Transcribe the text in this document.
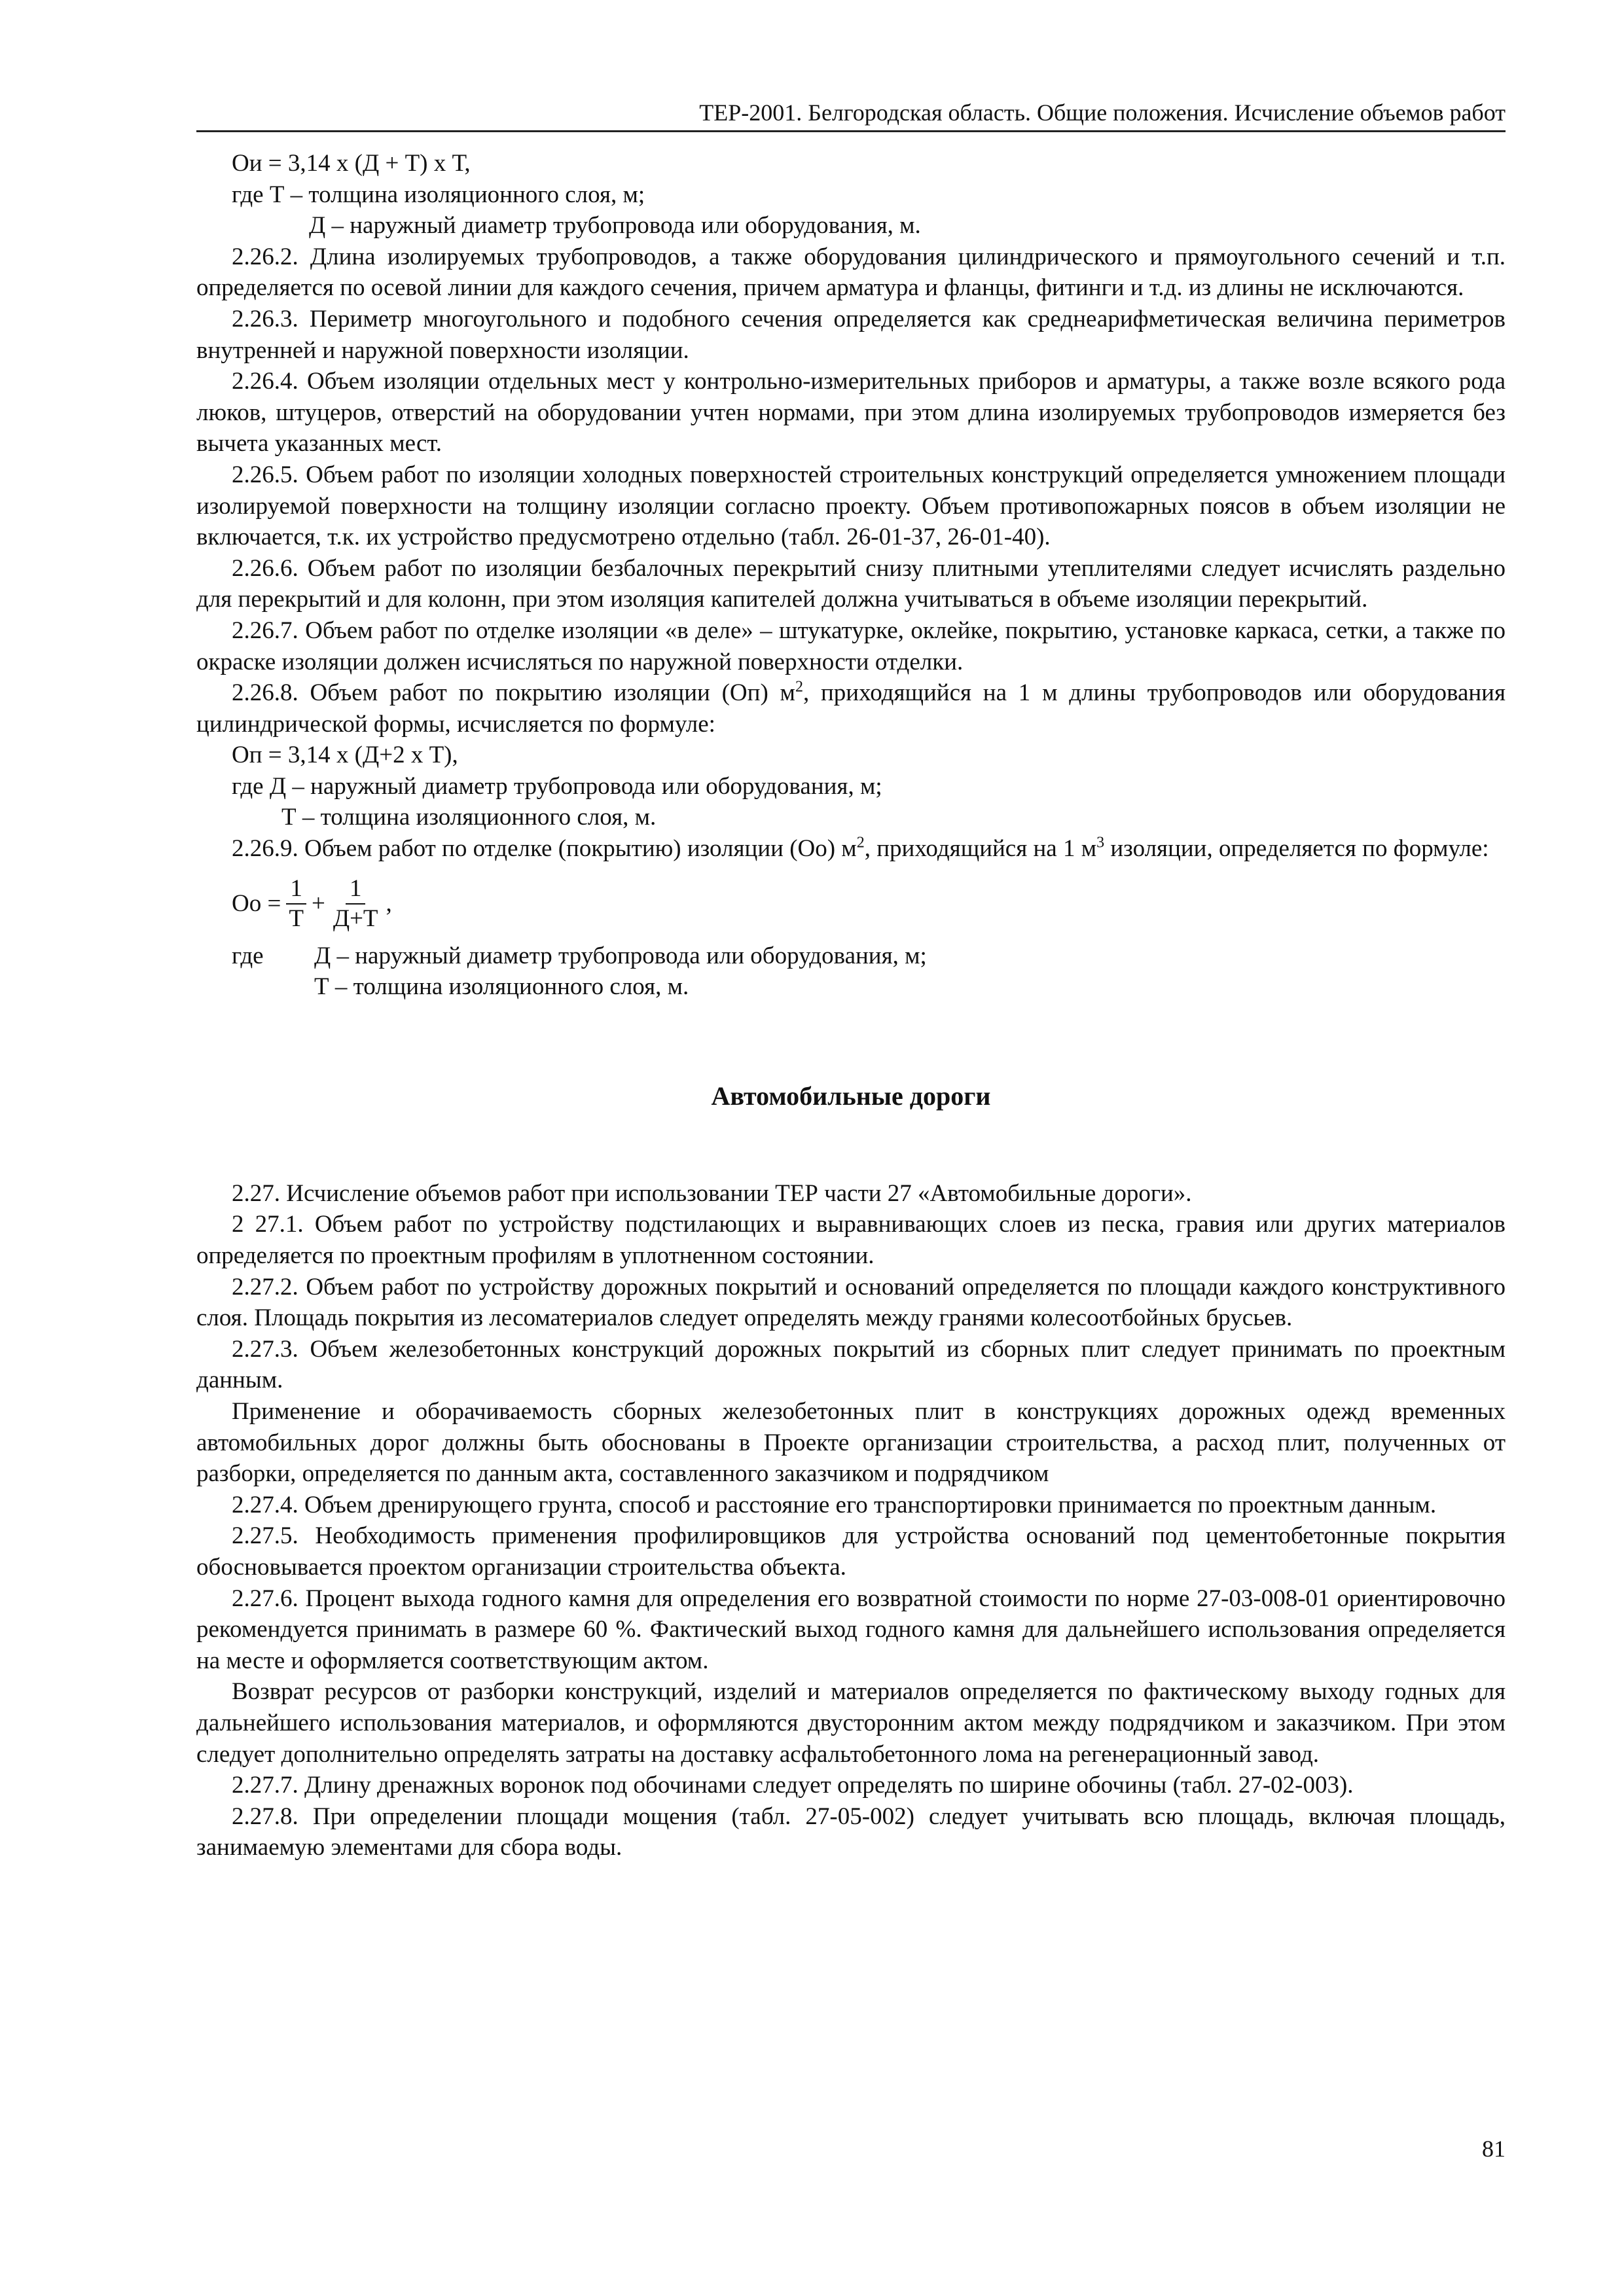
ТЕР-2001. Белгородская область. Общие положения. Исчисление объемов работ

Ои = 3,14 х (Д + Т) х Т,

где Т – толщина изоляционного слоя, м;

Д – наружный диаметр трубопровода или оборудования, м.

2.26.2. Длина изолируемых трубопроводов, а также оборудования цилиндрического и прямоугольного сечений и т.п. определяется по осевой линии для каждого сечения, причем арматура и фланцы, фитинги и т.д. из длины не исключаются.

2.26.3. Периметр многоугольного и подобного сечения определяется как среднеарифметическая величина периметров внутренней и наружной поверхности изоляции.

2.26.4. Объем изоляции отдельных мест у контрольно-измерительных приборов и арматуры, а также возле всякого рода люков, штуцеров, отверстий на оборудовании учтен нормами, при этом длина изолируемых трубопроводов измеряется без вычета указанных мест.

2.26.5. Объем работ по изоляции холодных поверхностей строительных конструкций определяется умножением площади изолируемой поверхности на толщину изоляции согласно проекту. Объем противопожарных поясов в объем изоляции не включается, т.к. их устройство предусмотрено отдельно (табл. 26-01-37, 26-01-40).

2.26.6. Объем работ по изоляции безбалочных перекрытий снизу плитными утеплителями следует исчислять раздельно для перекрытий и для колонн, при этом изоляция капителей должна учитываться в объеме изоляции перекрытий.

2.26.7. Объем работ по отделке изоляции «в деле» – штукатурке, оклейке, покрытию, установке каркаса, сетки, а также по окраске изоляции должен исчисляться по наружной поверхности отделки.

2.26.8. Объем работ по покрытию изоляции (Оп) $м^2$, приходящийся на 1 м длины трубопроводов или оборудования цилиндрической формы, исчисляется по формуле:

Оп = 3,14 х (Д+2 х Т),

где Д – наружный диаметр трубопровода или оборудования, м;

Т – толщина изоляционного слоя, м.

2.26.9. Объем работ по отделке (покрытию) изоляции (Оо) $м^2$, приходящийся на 1 $м^3$ изоляции, определяется по формуле:

Оо = $\frac{1}{Т} + \frac{1}{Д+Т}$ ,
где	Д – наружный диаметр трубопровода или оборудования, м;
Т – толщина изоляционного слоя, м.
Автомобильные дороги

2.27. Исчисление объемов работ при использовании ТЕР части 27 «Автомобильные дороги».

2 27.1. Объем работ по устройству подстилающих и выравнивающих слоев из песка, гравия или других материалов определяется по проектным профилям в уплотненном состоянии.

2.27.2. Объем работ по устройству дорожных покрытий и оснований определяется по площади каждого конструктивного слоя. Площадь покрытия из лесоматериалов следует определять между гранями колесоотбойных брусьев.

2.27.3. Объем железобетонных конструкций дорожных покрытий из сборных плит следует принимать по проектным данным.

Применение и оборачиваемость сборных железобетонных плит в конструкциях дорожных одежд временных автомобильных дорог должны быть обоснованы в Проекте организации строительства, а расход плит, полученных от разборки, определяется по данным акта, составленного заказчиком и подрядчиком

2.27.4. Объем дренирующего грунта, способ и расстояние его транспортировки принимается по проектным данным.

2.27.5. Необходимость применения профилировщиков для устройства оснований под цементобетонные покрытия обосновывается проектом организации строительства объекта.

2.27.6. Процент выхода годного камня для определения его возвратной стоимости по норме 27-03-008-01 ориентировочно рекомендуется принимать в размере 60 %. Фактический выход годного камня для дальнейшего использования определяется на месте и оформляется соответствующим актом.

Возврат ресурсов от разборки конструкций, изделий и материалов определяется по фактическому выходу годных для дальнейшего использования материалов, и оформляются двусторонним актом между подрядчиком и заказчиком. При этом следует дополнительно определять затраты на доставку асфальтобетонного лома на регенерационный завод.

2.27.7. Длину дренажных воронок под обочинами следует определять по ширине обочины (табл. 27-02-003).

2.27.8. При определении площади мощения (табл. 27-05-002) следует учитывать всю площадь, включая площадь, занимаемую элементами для сбора воды.

81
